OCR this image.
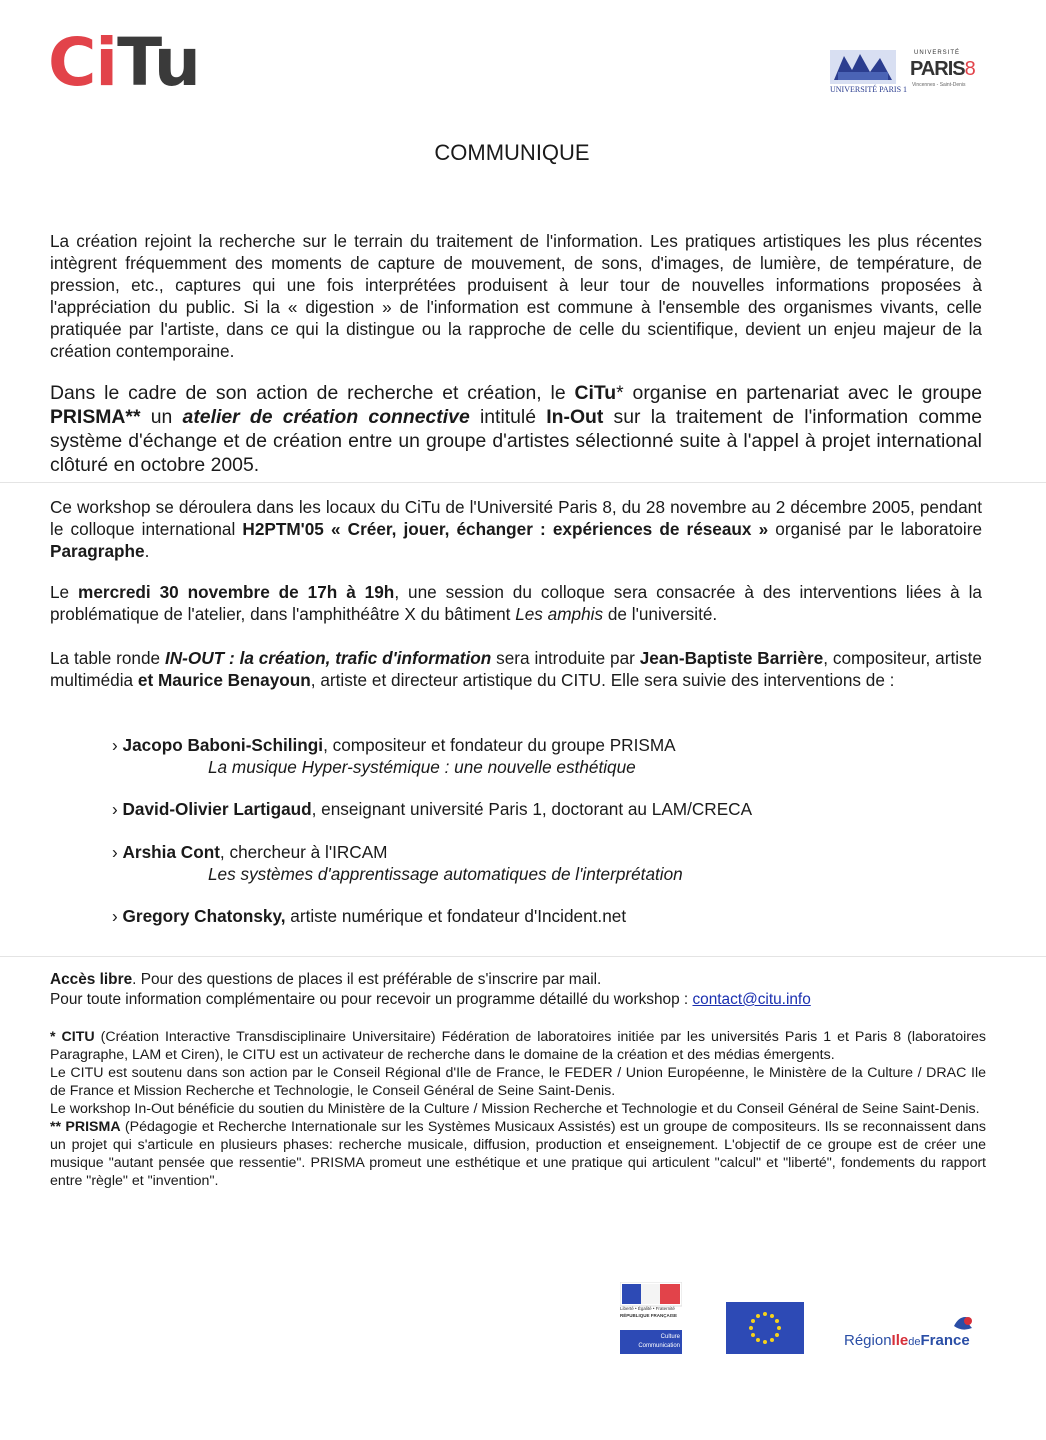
CiTu	UNIVERSITÉ PARIS 1
UNIVERSITÉ
PARIS8
Vincennes - Saint-Denis
COMMUNIQUE
La création rejoint la recherche sur le terrain du traitement de l'information. Les pratiques artistiques les plus récentes intègrent fréquemment des moments de capture de mouvement, de sons, d'images, de lumière, de température, de pression, etc., captures qui une fois interprétées produisent à leur tour de nouvelles informations proposées à l'appréciation du public. Si la « digestion » de l'information est commune à l'ensemble des organismes vivants, celle pratiquée par l'artiste, dans ce qui la distingue ou la rapproche de celle du scientifique, devient un enjeu majeur de la création contemporaine.
Dans le cadre de son action de recherche et création, le CiTu* organise en partenariat avec le groupe PRISMA** un atelier de création connective intitulé In-Out sur la traitement de l'information comme système d'échange et de création entre un groupe d'artistes sélectionné suite à l'appel à projet international clôturé en octobre 2005.
Ce workshop se déroulera dans les locaux du CiTu de l'Université Paris 8, du 28 novembre au 2 décembre 2005, pendant le colloque international H2PTM'05 « Créer, jouer, échanger : expériences de réseaux » organisé par le laboratoire Paragraphe.
Le mercredi 30 novembre de 17h à 19h, une session du colloque sera consacrée à des interventions liées à la problématique de l'atelier, dans l'amphithéâtre X du bâtiment Les amphis de l'université.
La table ronde IN-OUT : la création, trafic d'information sera introduite par Jean-Baptiste Barrière, compositeur, artiste multimédia et Maurice Benayoun, artiste et directeur artistique du CITU. Elle sera suivie des interventions de :
› Jacopo Baboni-Schilingi, compositeur et fondateur du groupe PRISMA
La musique Hyper-systémique : une nouvelle esthétique
› David-Olivier Lartigaud, enseignant université Paris 1, doctorant au LAM/CRECA
› Arshia Cont, chercheur à l'IRCAM
Les systèmes d'apprentissage automatiques de l'interprétation
› Gregory Chatonsky, artiste numérique et fondateur d'Incident.net
Accès libre. Pour des questions de places il est préférable de s'inscrire par mail.
Pour toute information complémentaire ou pour recevoir un programme détaillé du workshop : contact@citu.info
* CITU (Création Interactive Transdisciplinaire Universitaire) Fédération de laboratoires initiée par les universités Paris 1 et Paris 8 (laboratoires Paragraphe, LAM et Ciren), le CITU est un activateur de recherche dans le domaine de la création et des médias émergents.
Le CITU est soutenu dans son action par le Conseil Régional d'Ile de France, le FEDER / Union Européenne, le Ministère de la Culture / DRAC Ile de France et Mission Recherche et Technologie, le Conseil Général de Seine Saint-Denis.
Le workshop In-Out bénéficie du soutien du Ministère de la Culture / Mission Recherche et Technologie et du Conseil Général de Seine Saint-Denis.
** PRISMA (Pédagogie et Recherche Internationale sur les Systèmes Musicaux Assistés) est un groupe de compositeurs. Ils se reconnaissent dans un projet qui s'articule en plusieurs phases: recherche musicale, diffusion, production et enseignement. L'objectif de ce groupe est de créer une musique "autant pensée que ressentie". PRISMA promeut une esthétique et une pratique qui articulent "calcul" et "liberté", fondements du rapport entre "règle" et "invention".
Liberté • Égalité • Fraternité
RÉPUBLIQUE FRANÇAISE
Culture
Communication	RégionIledeFrance
